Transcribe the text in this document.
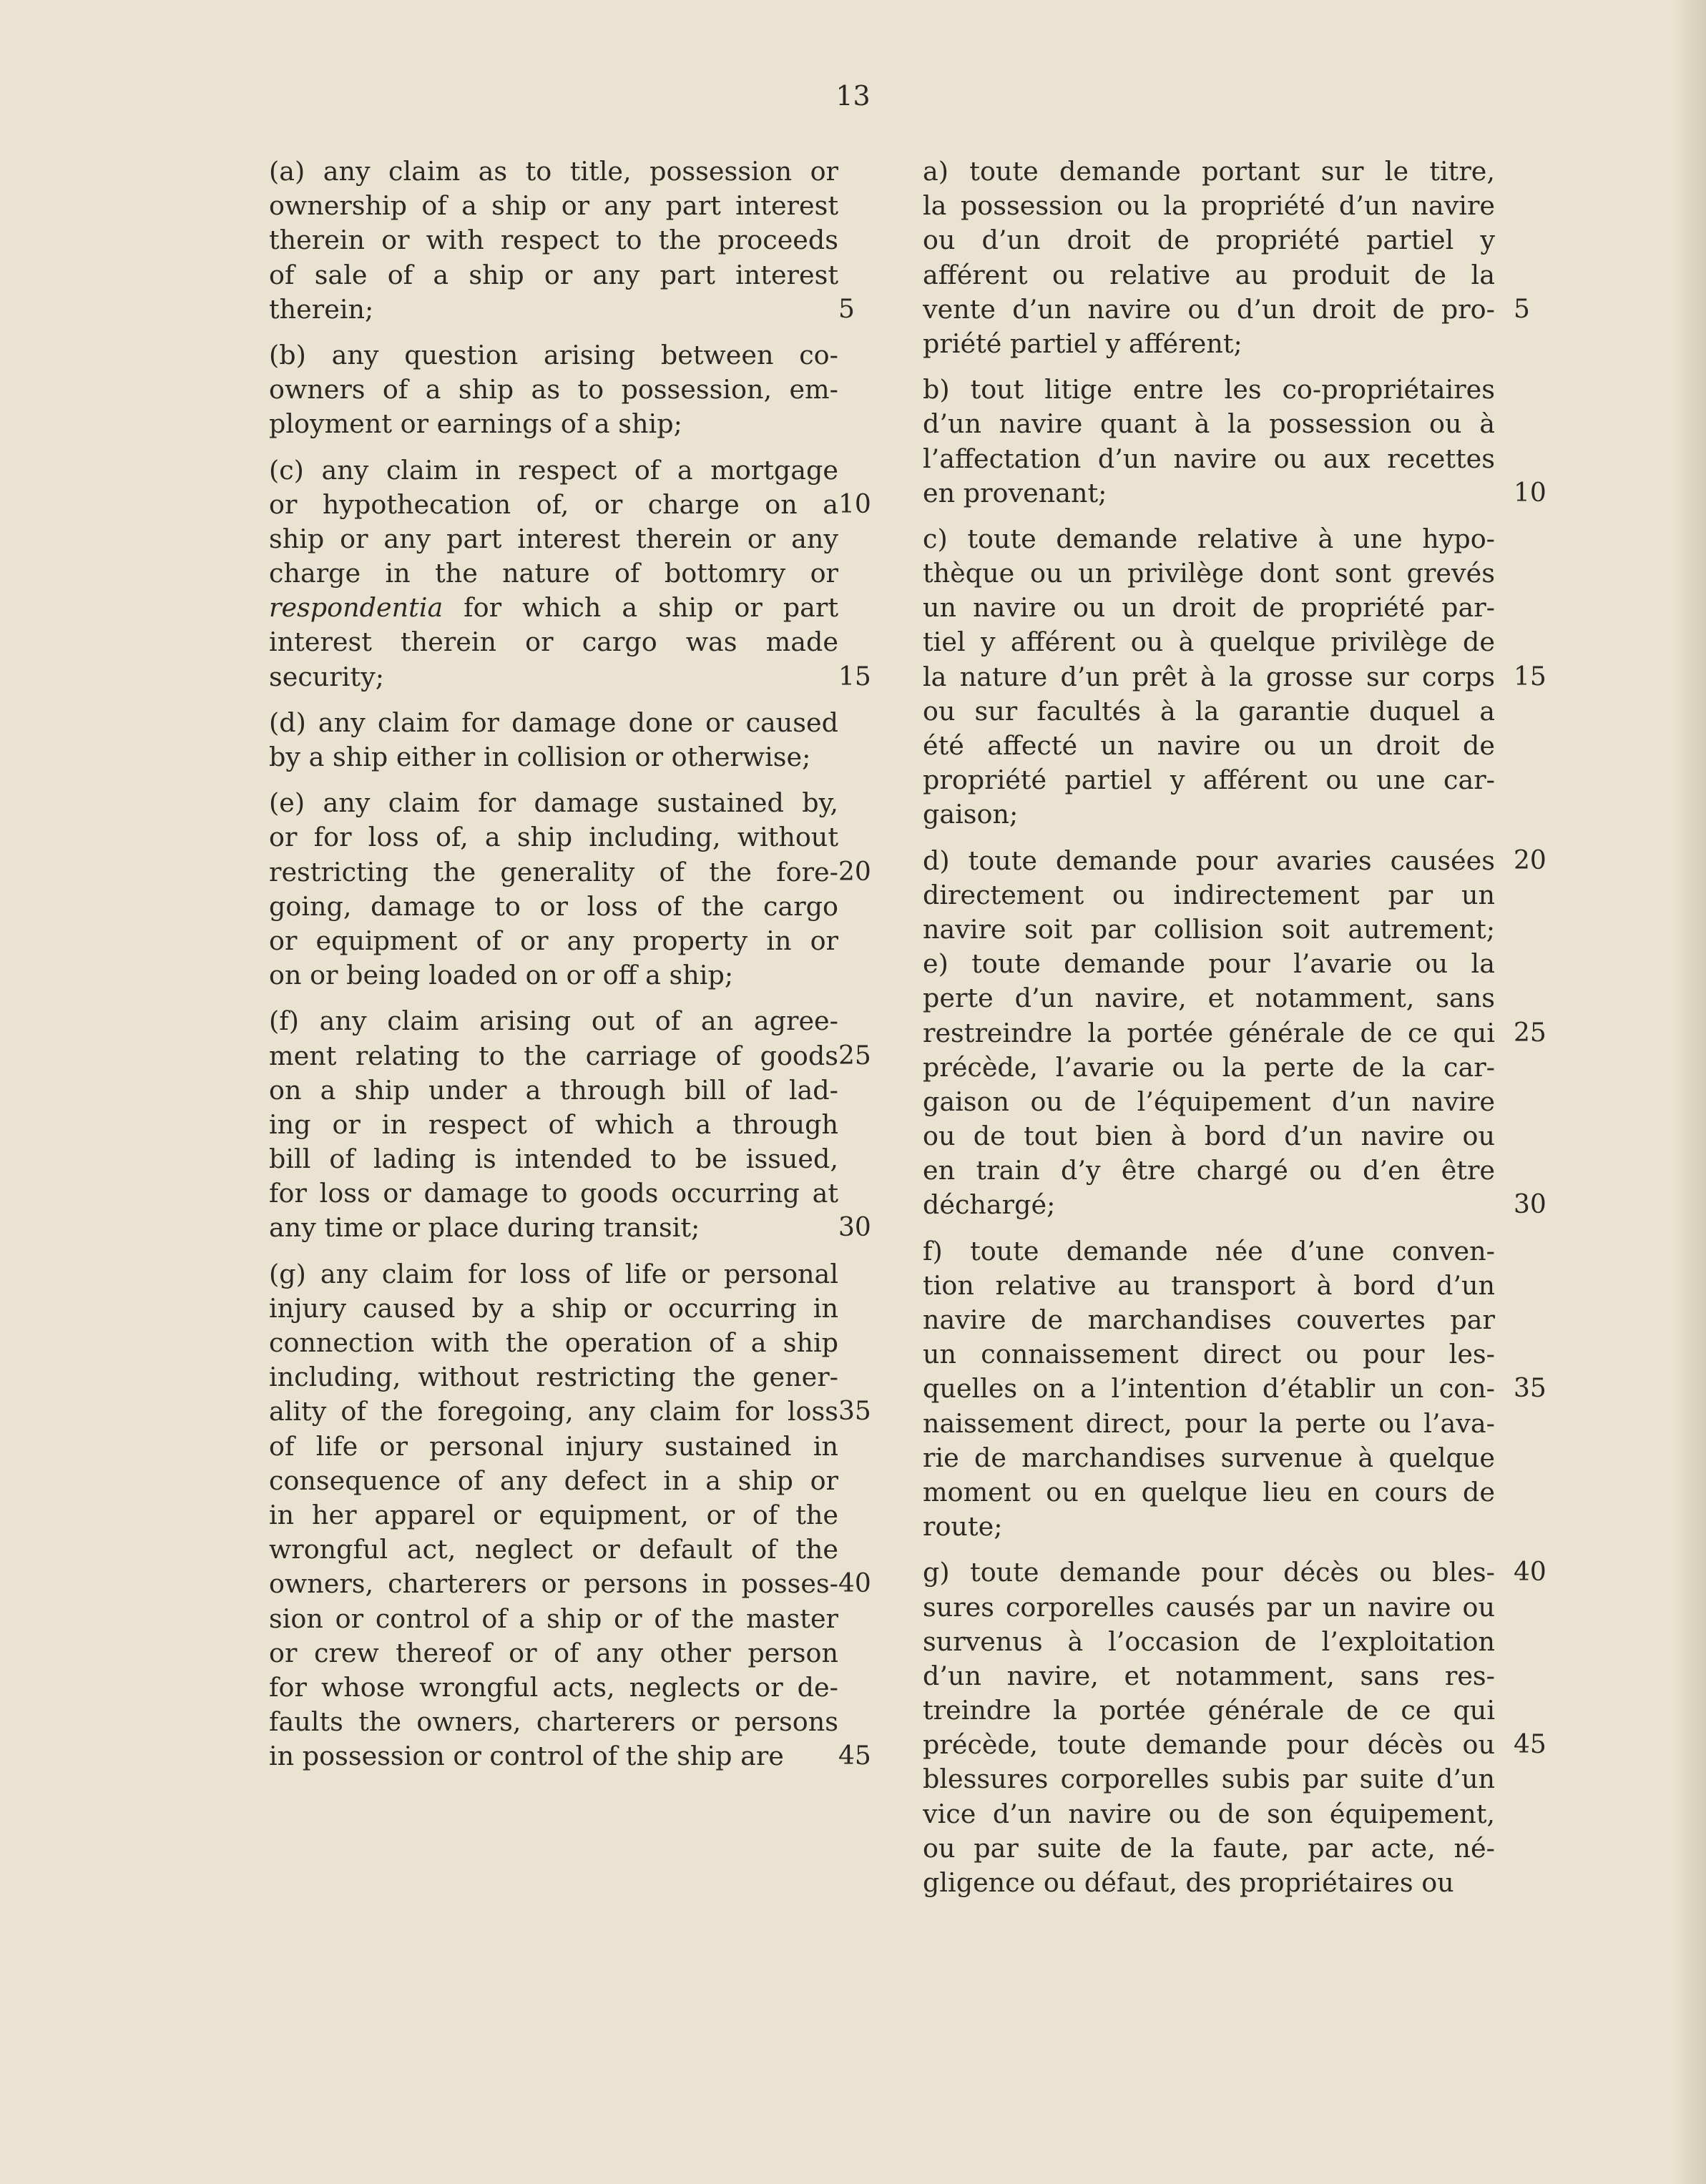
13
(a) any claim as to title, possession or
ownership of a ship or any part interest
therein or with respect to the proceeds
of sale of a ship or any part interest
therein;	5
(b) any question arising between co-
owners of a ship as to possession, em-
ployment or earnings of a ship;
(c) any claim in respect of a mortgage
or hypothecation of, or charge on a 10
ship or any part interest therein or any
charge in the nature of bottomry or
respondentia for which a ship or part
interest therein or cargo was made
security;	15
(d) any claim for damage done or caused
by a ship either in collision or otherwise;
(e) any claim for damage sustained by,
or for loss of, a ship including, without
restricting the generality of the fore- 20
going, damage to or loss of the cargo
or equipment of or any property in or
on or being loaded on or off a ship;
(f) any claim arising out of an agree-
ment relating to the carriage of goods 25
on a ship under a through bill of lad-
ing or in respect of which a through
bill of lading is intended to be issued,
for loss or damage to goods occurring at
any time or place during transit;	30
(g) any claim for loss of life or personal
injury caused by a ship or occurring in
connection with the operation of a ship
including, without restricting the gener-
ality of the foregoing, any claim for loss 35
of life or personal injury sustained in
consequence of any defect in a ship or
in her apparel or equipment, or of the
wrongful act, neglect or default of the
owners, charterers or persons in posses- 40
sion or control of a ship or of the master
or crew thereof or of any other person
for whose wrongful acts, neglects or de-
faults the owners, charterers or persons
in possession or control of the ship are	45
a) toute demande portant sur le titre,
la possession ou la propriété d’un navire
ou d’un droit de propriété partiel y
afférent ou relative au produit de la
vente d’un navire ou d’un droit de pro- 5
priété partiel y afférent;
b) tout litige entre les co-propriétaires
d’un navire quant à la possession ou à
l’affectation d’un navire ou aux recettes
en provenant;	10
c) toute demande relative à une hypo-
thèque ou un privilège dont sont grevés
un navire ou un droit de propriété par-
tiel y afférent ou à quelque privilège de
la nature d’un prêt à la grosse sur corps 15
ou sur facultés à la garantie duquel a
été affecté un navire ou un droit de
propriété partiel y afférent ou une car-
gaison;
d) toute demande pour avaries causées 20
directement ou indirectement par un
navire soit par collision soit autrement;
e) toute demande pour l’avarie ou la
perte d’un navire, et notamment, sans
restreindre la portée générale de ce qui 25
précède, l’avarie ou la perte de la car-
gaison ou de l’équipement d’un navire
ou de tout bien à bord d’un navire ou
en train d’y être chargé ou d’en être
déchargé;	30
f) toute demande née d’une conven-
tion relative au transport à bord d’un
navire de marchandises couvertes par
un connaissement direct ou pour les-
quelles on a l’intention d’établir un con- 35
naissement direct, pour la perte ou l’ava-
rie de marchandises survenue à quelque
moment ou en quelque lieu en cours de
route;
g) toute demande pour décès ou bles- 40
sures corporelles causés par un navire ou
survenus à l’occasion de l’exploitation
d’un navire, et notamment, sans res-
treindre la portée générale de ce qui
précède, toute demande pour décès ou 45
blessures corporelles subis par suite d’un
vice d’un navire ou de son équipement,
ou par suite de la faute, par acte, né-
gligence ou défaut, des propriétaires ou
